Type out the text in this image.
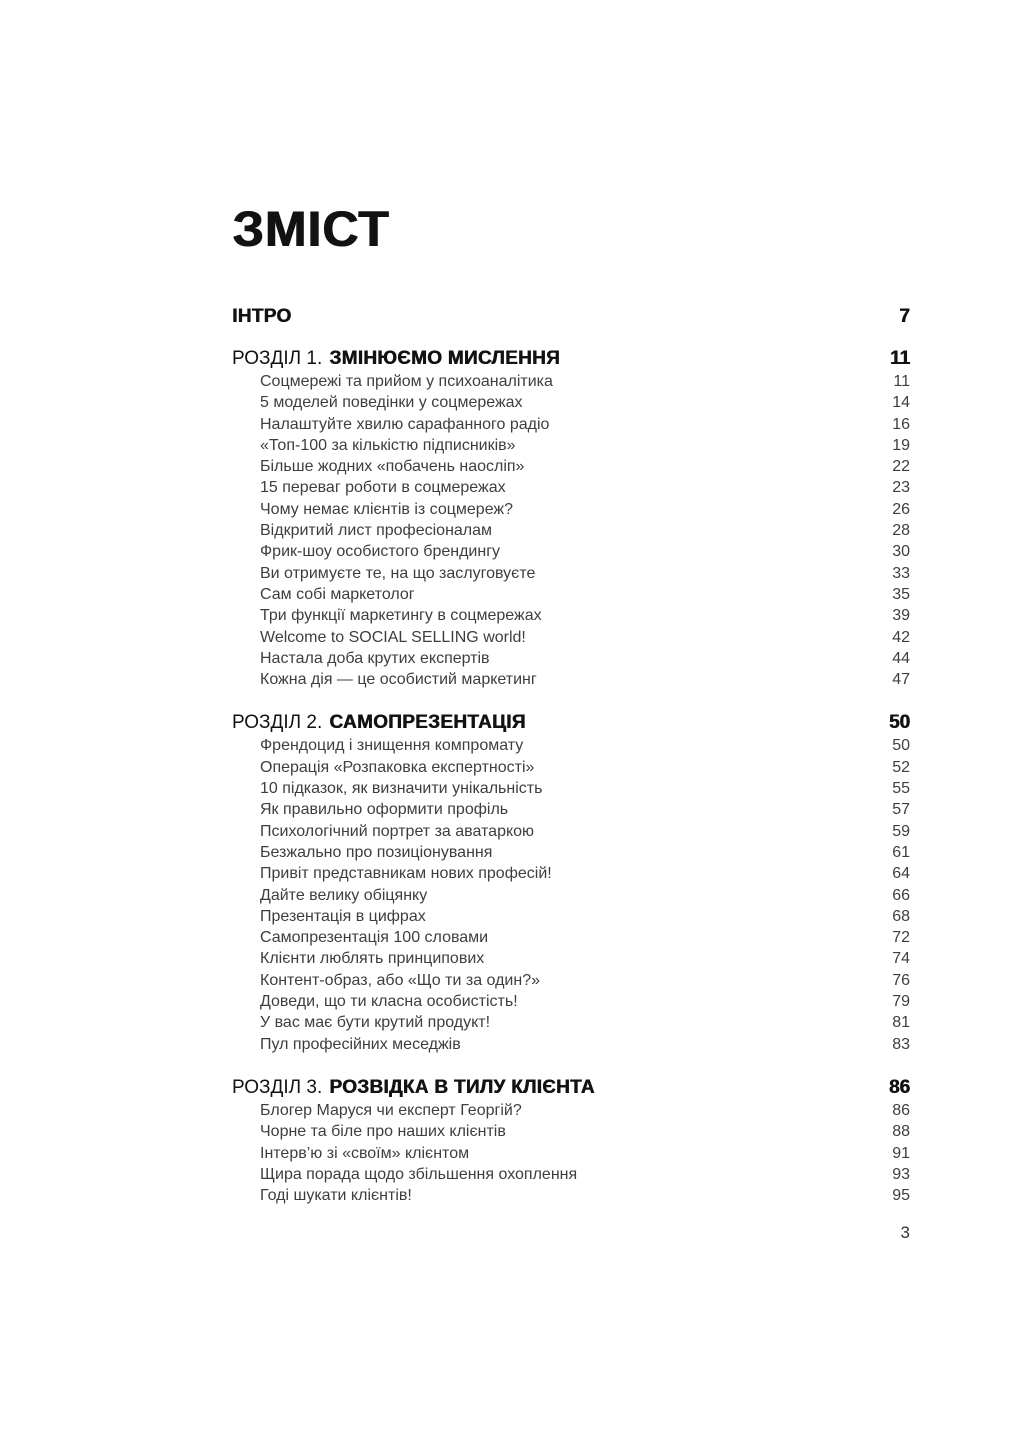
ЗМІСТ
ІНТРО	7
РОЗДІЛ 1. ЗМІНЮЄМО МИСЛЕННЯ	11
Соцмережі та прийом у психоаналітика	11
5 моделей поведінки у соцмережах	14
Налаштуйте хвилю сарафанного радіо	16
«Топ-100 за кількістю підписників»	19
Більше жодних «побачень наосліп»	22
15 переваг роботи в соцмережах	23
Чому немає клієнтів із соцмереж?	26
Відкритий лист професіоналам	28
Фрик-шоу особистого брендингу	30
Ви отримуєте те, на що заслуговуєте	33
Сам собі маркетолог	35
Три функції маркетингу в соцмережах	39
Welcome to SOCIAL SELLING world!	42
Настала доба крутих експертів	44
Кожна дія — це особистий маркетинг	47
РОЗДІЛ 2. САМОПРЕЗЕНТАЦІЯ	50
Френдоцид і знищення компромату	50
Операція «Розпаковка експертності»	52
10 підказок, як визначити унікальність	55
Як правильно оформити профіль	57
Психологічний портрет за аватаркою	59
Безжально про позиціонування	61
Привіт представникам нових професій!	64
Дайте велику обіцянку	66
Презентація в цифрах	68
Самопрезентація 100 словами	72
Клієнти люблять принципових	74
Контент-образ, або «Що ти за один?»	76
Доведи, що ти класна особистість!	79
У вас має бути крутий продукт!	81
Пул професійних меседжів	83
РОЗДІЛ 3. РОЗВІДКА В ТИЛУ КЛІЄНТА	86
Блогер Маруся чи експерт Георгій?	86
Чорне та біле про наших клієнтів	88
Інтерв’ю зі «своїм» клієнтом	91
Щира порада щодо збільшення охоплення	93
Годі шукати клієнтів!	95
3
